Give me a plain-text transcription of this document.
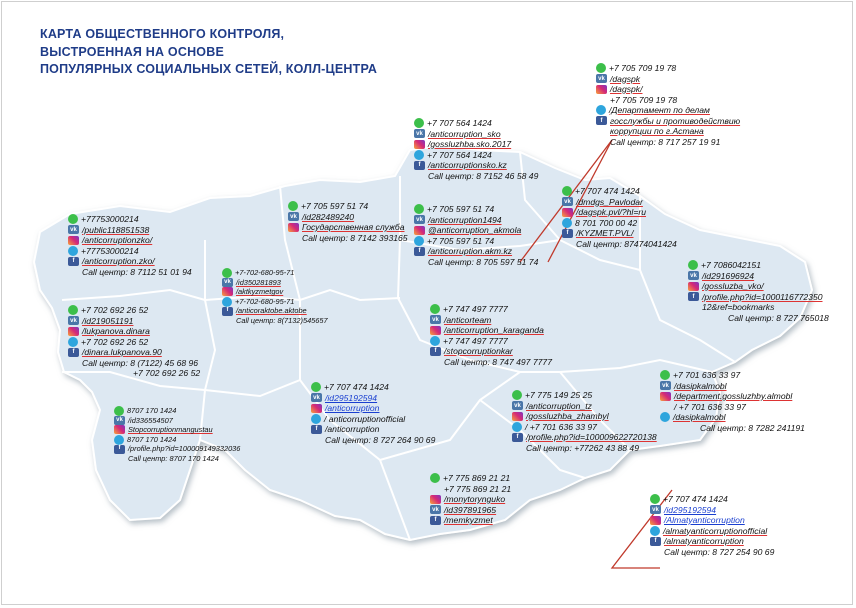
КАРТА ОБЩЕСТВЕННОГО КОНТРОЛЯ,
ВЫСТРОЕННАЯ НА ОСНОВЕ
ПОПУЛЯРНЫХ СОЦИАЛЬНЫХ СЕТЕЙ, КОЛЛ-ЦЕНТРА	+7 705 709 19 78
vk /dagspk
/dagspk/
+7 705 709 19 78
/Департамент по делам
f госслужбы и противодействию
коррупции по г.Астана
Call центр: 8 717 257 19 91
+7 707 564 1424
vk /anticorruption_sko
/gossluzhba.sko.2017
+7 707 564 1424
f /anticorruptionsko.kz
Call центр: 8 7152 46 58 49
+7 707 474 1424
vk /dmdgs_Pavlodar
/dagspk.pvl/?hl=ru
8 701 700 00 42
f /KYZMET.PVL/
Call центр: 87474041424
+7 705 597 51 74
vk /anticorruption1494
@anticorruption_akmola
+7 705 597 51 74
f /anticorruption.akm.kz
Call центр: 8 705 597 51 74
+7 705 597 51 74
vk /id282489240
Государственная служба
Call центр: 8 7142 393165
+77753000214
vk /public118851538
/anticorruptionzko/
+77753000214
f /anticorruption.zko/
Call центр: 8 7112 51 01 94	+7-702-680-95-71
vk /id350281893
/aktkyzmetgov
+7-702-680-95-71
f	/anticoraktobe.aktobe
Call центр: 8(7132)545657
+7 702 692 26 52
vk /id219051191
/lukpanova.dinara
+7 702 692 26 52
f /dinara.lukpanova.90
Call центр: 8 (7122) 45 68 96
+7 702 692 26 52
+7 747 497 7777
vk /anticorteam
/anticorruption_karaganda
+7 747 497 7777
f /stopcorruptionkar
Call центр: 8 747 497 7777
+7 7086042151
vk /id291696924
/gossluzba_vko/
f /profile.php?id=1000116772350
12&ref=bookmarks
Call центр: 8 727 765018
8707 170 1424
vk /id336554507
Stopcorruptionmangustau
8707 170 1424
f	/profile.php?id=100009149332036
Call центр: 8707 170 1424
+7 707 474 1424
vk /id295192594
/anticorruption
/ anticorruptionofficial
f /anticorruption
Call центр: 8 727 264 90 69
+7 775 149 25 25
vk /anticorruption_tz
/gossluzhba_zhambyl
/ +7 701 636 33 97
f /profile.php?id=100009622720138
Call центр: +77262 43 88 49
+7 701 636 33 97
vk /dasipkalmobl
/department.gossluzhby.almobl
/ +7 701 636 33 97
/dasipkalmobl
Call центр: 8 7282 241191
+7 775 869 21 21
+7 775 869 21 21
/monytoryngukо
vk /id397891965
f /memkyzmet
+7 707 474 1424
vk /id295192594
/Almatyanticorruption
/almatyanticorruptionofficial
f /almatyanticorruption
Call центр: 8 727 254 90 69
